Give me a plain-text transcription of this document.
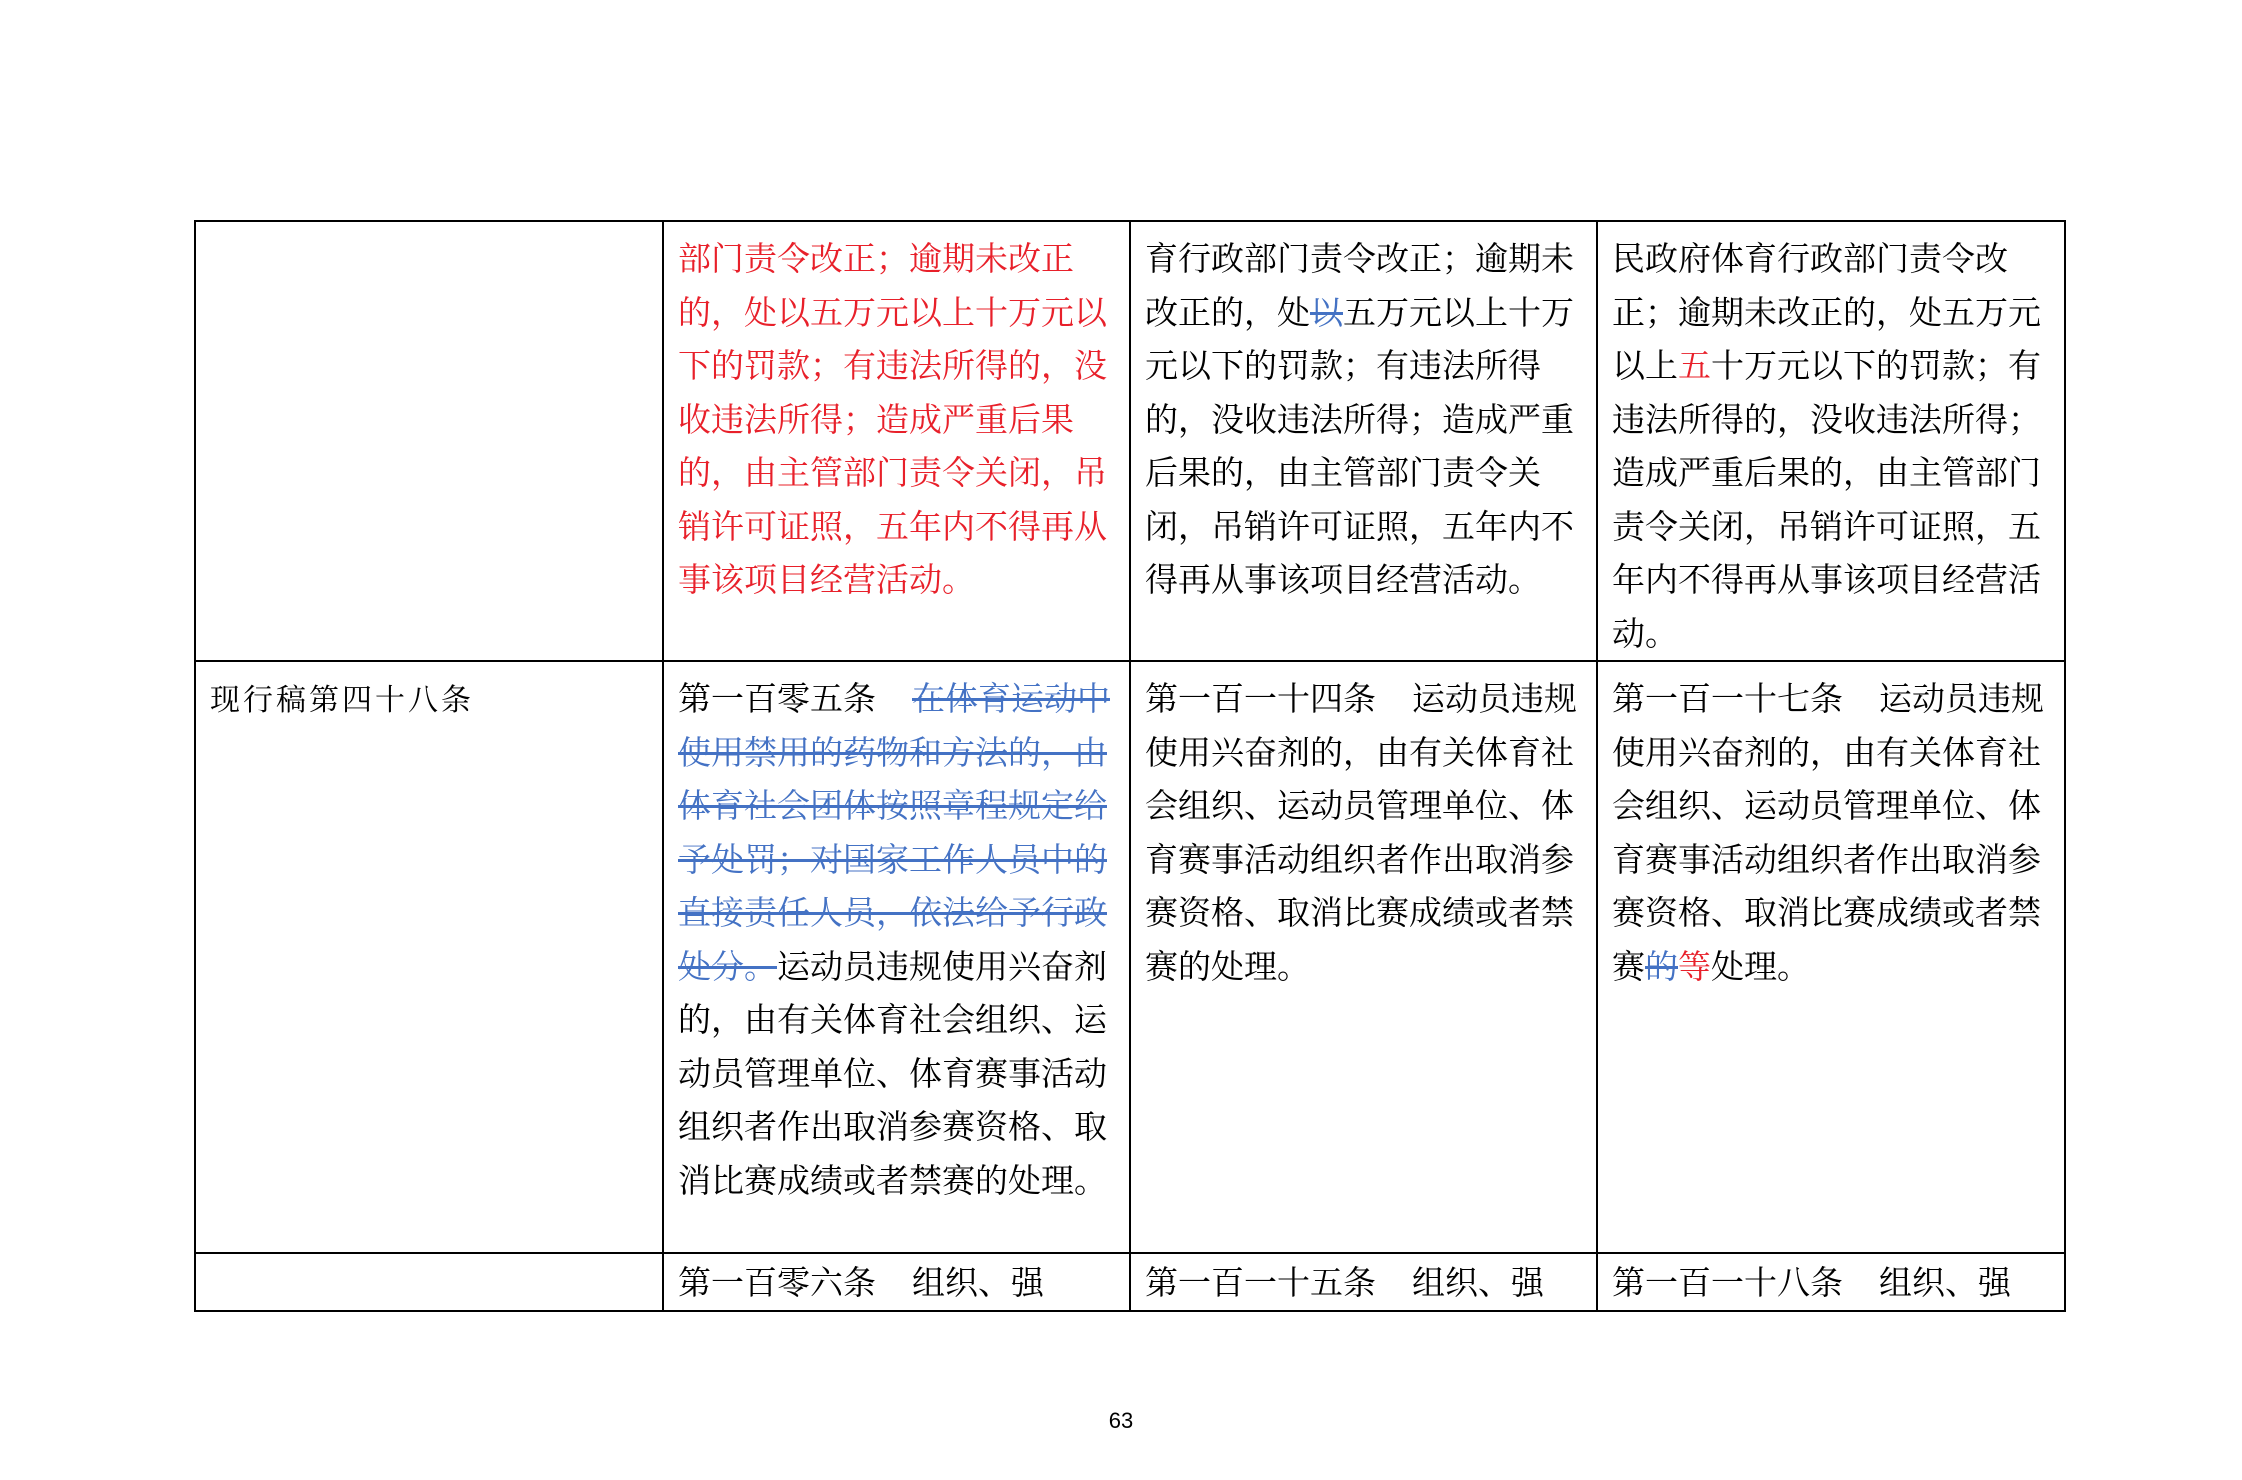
	部门责令改正；逾期未改正的，处以五万元以上十万元以下的罚款；有违法所得的，没收违法所得；造成严重后果的，由主管部门责令关闭，吊销许可证照，五年内不得再从事该项目经营活动。	育行政部门责令改正；逾期未改正的，处以五万元以上十万元以下的罚款；有违法所得的，没收违法所得；造成严重后果的，由主管部门责令关闭，吊销许可证照，五年内不得再从事该项目经营活动。	民政府体育行政部门责令改正；逾期未改正的，处五万元以上五十万元以下的罚款；有违法所得的，没收违法所得；造成严重后果的，由主管部门责令关闭，吊销许可证照，五年内不得再从事该项目经营活动。
现行稿第四十八条	第一百零五条 在体育运动中使用禁用的药物和方法的，由体育社会团体按照章程规定给予处罚；对国家工作人员中的直接责任人员，依法给予行政处分。运动员违规使用兴奋剂的，由有关体育社会组织、运动员管理单位、体育赛事活动组织者作出取消参赛资格、取消比赛成绩或者禁赛的处理。	第一百一十四条 运动员违规使用兴奋剂的，由有关体育社会组织、运动员管理单位、体育赛事活动组织者作出取消参赛资格、取消比赛成绩或者禁赛的处理。	第一百一十七条 运动员违规使用兴奋剂的，由有关体育社会组织、运动员管理单位、体育赛事活动组织者作出取消参赛资格、取消比赛成绩或者禁赛的等处理。
	第一百零六条 组织、强	第一百一十五条 组织、强	第一百一十八条 组织、强
63
